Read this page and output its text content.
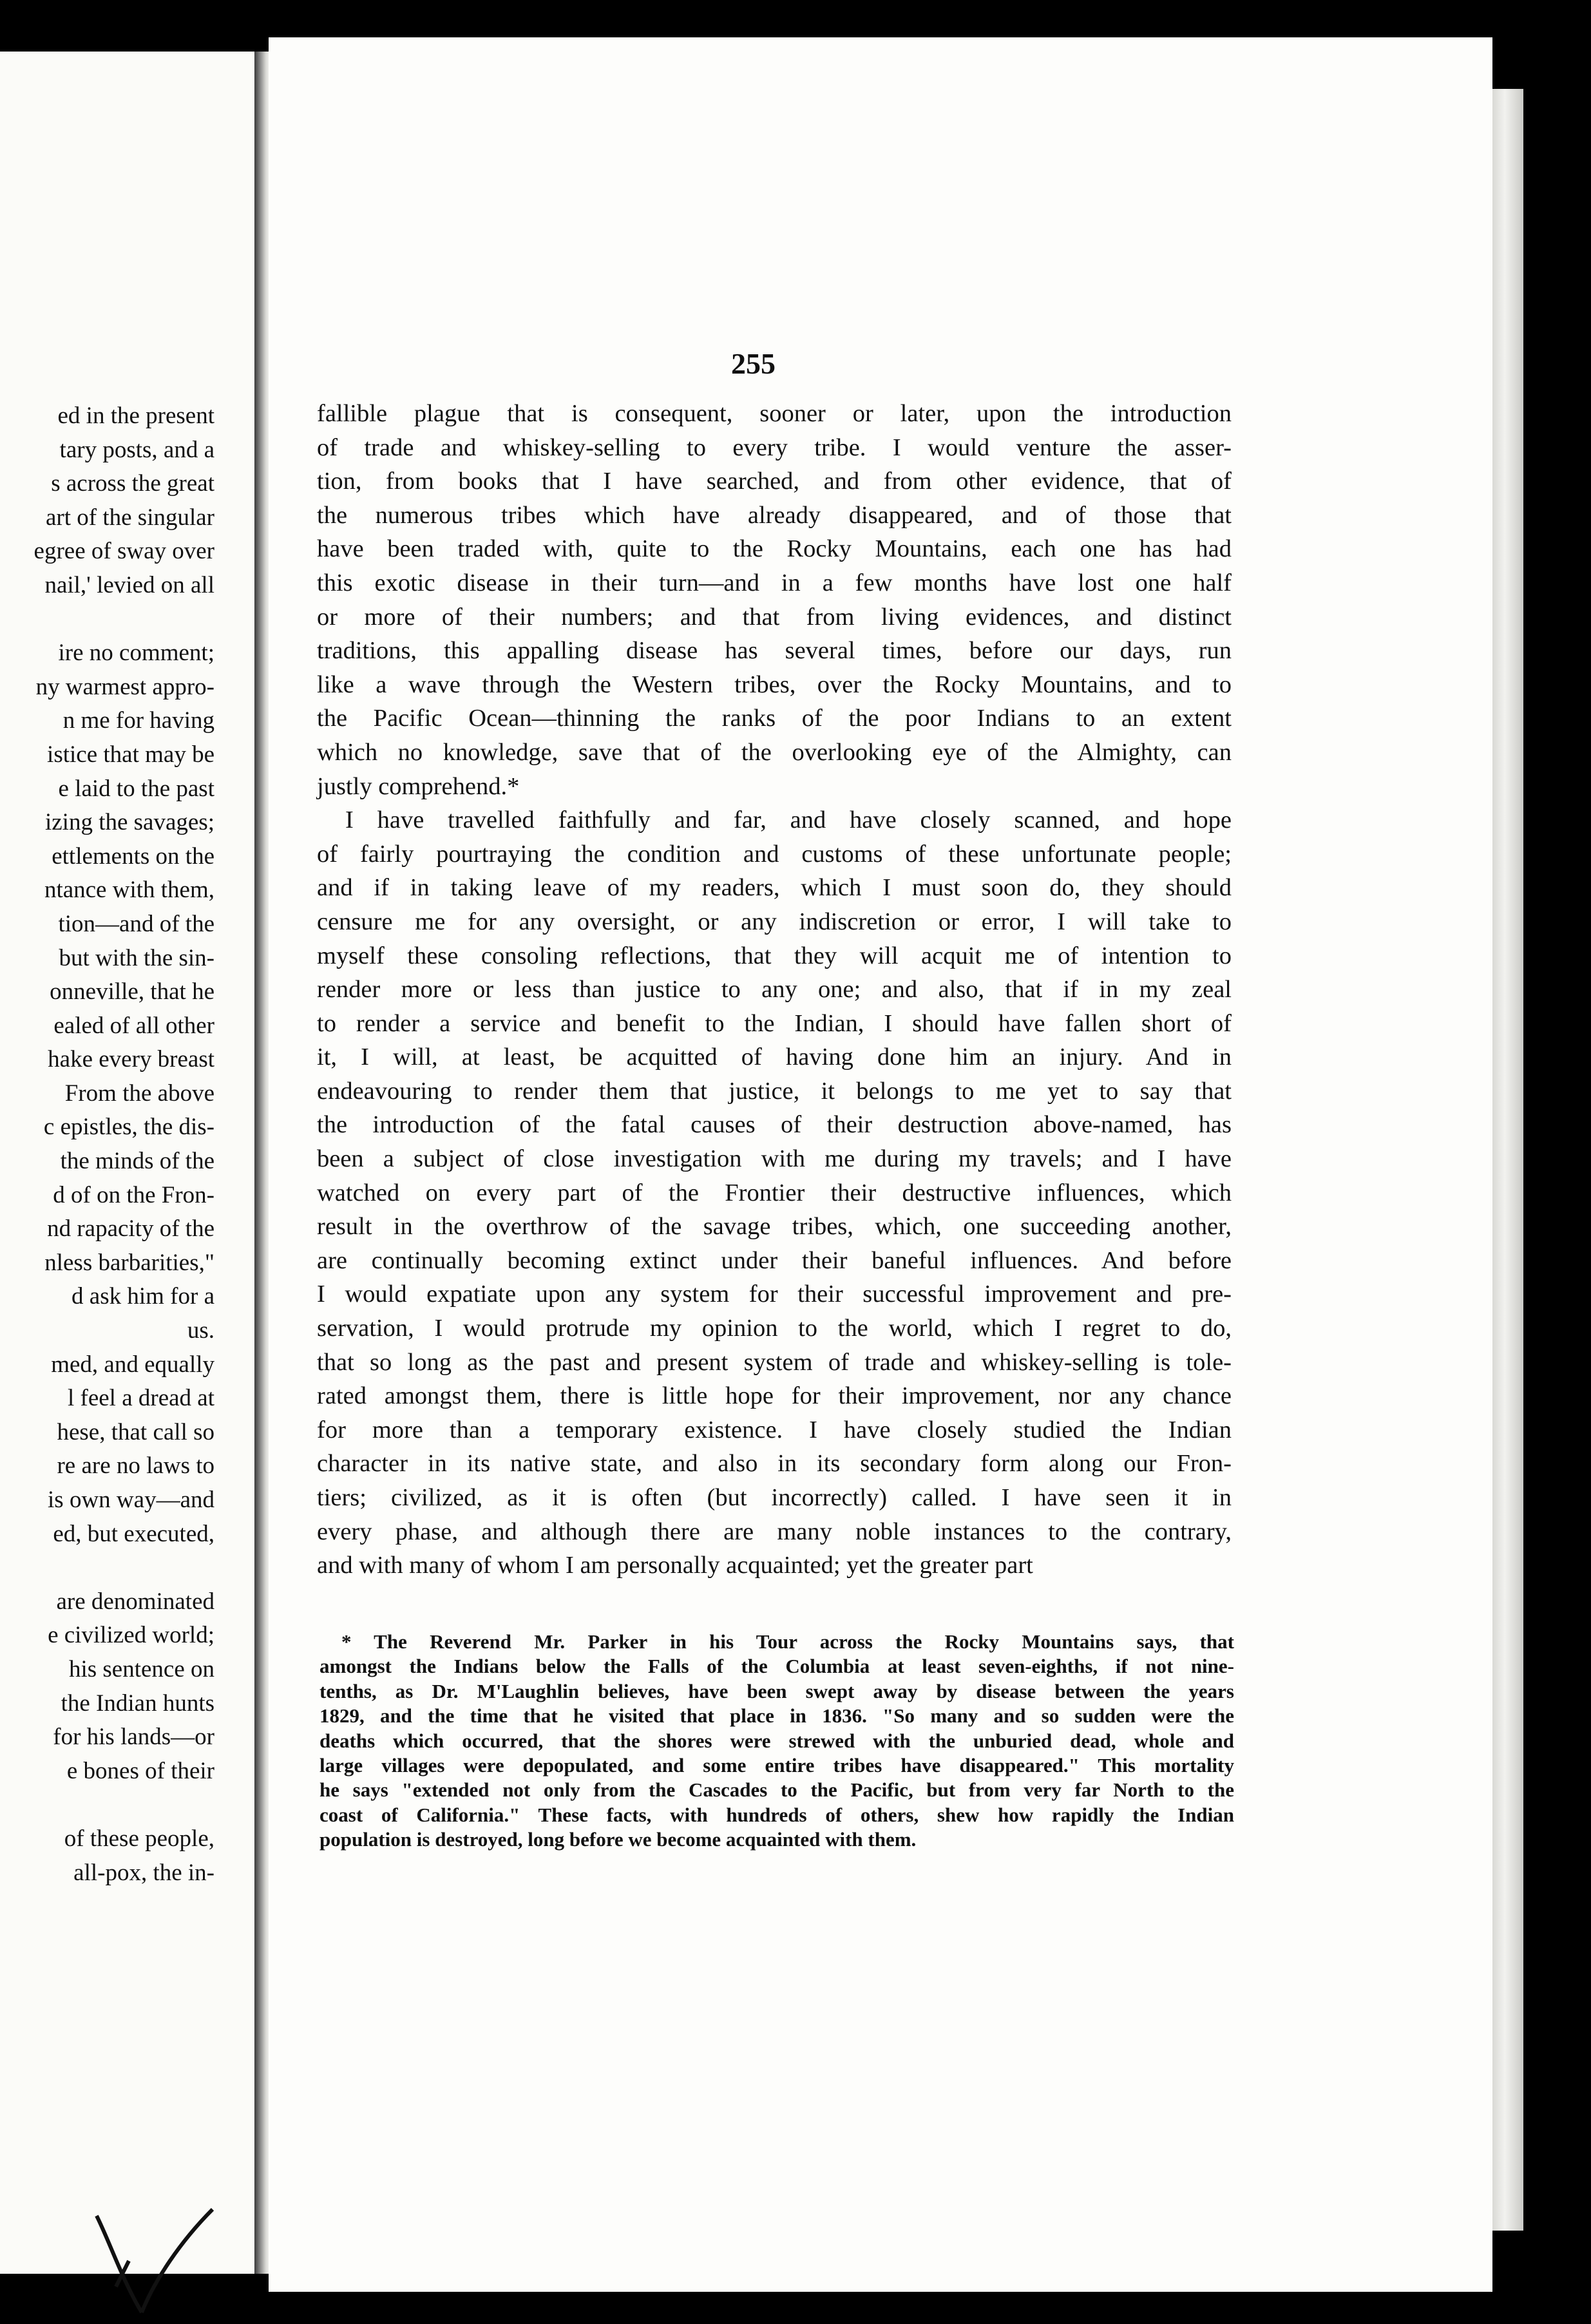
ed in the present
tary posts, and a
s across the great
art of the singular
egree of sway over
nail,' levied on all
ire no comment;
ny warmest appro-
n me for having
istice that may be
e laid to the past
izing the savages;
ettlements on the
ntance with them,
tion—and of the
but with the sin-
onneville, that he
ealed of all other
hake every breast
From the above
c epistles, the dis-
the minds of the
d of on the Fron-
nd rapacity of the
nless barbarities,"
d ask him for a
us.
med, and equally
l feel a dread at
hese, that call so
re are no laws to
is own way—and
ed, but executed,
are denominated
e civilized world;
his sentence on
the Indian hunts
for his lands—or
e bones of their
of these people,
all-pox, the in-
255
fallible plague that is consequent, sooner or later, upon the introduction
of trade and whiskey-selling to every tribe. I would venture the asser-
tion, from books that I have searched, and from other evidence, that of
the numerous tribes which have already disappeared, and of those that
have been traded with, quite to the Rocky Mountains, each one has had
this exotic disease in their turn—and in a few months have lost one half
or more of their numbers; and that from living evidences, and distinct
traditions, this appalling disease has several times, before our days, run
like a wave through the Western tribes, over the Rocky Mountains, and to
the Pacific Ocean—thinning the ranks of the poor Indians to an extent
which no knowledge, save that of the overlooking eye of the Almighty, can
justly comprehend.*
I have travelled faithfully and far, and have closely scanned, and hope
of fairly pourtraying the condition and customs of these unfortunate people;
and if in taking leave of my readers, which I must soon do, they should
censure me for any oversight, or any indiscretion or error, I will take to
myself these consoling reflections, that they will acquit me of intention to
render more or less than justice to any one; and also, that if in my zeal
to render a service and benefit to the Indian, I should have fallen short of
it, I will, at least, be acquitted of having done him an injury. And in
endeavouring to render them that justice, it belongs to me yet to say that
the introduction of the fatal causes of their destruction above-named, has
been a subject of close investigation with me during my travels; and I have
watched on every part of the Frontier their destructive influences, which
result in the overthrow of the savage tribes, which, one succeeding another,
are continually becoming extinct under their baneful influences. And before
I would expatiate upon any system for their successful improvement and pre-
servation, I would protrude my opinion to the world, which I regret to do,
that so long as the past and present system of trade and whiskey-selling is tole-
rated amongst them, there is little hope for their improvement, nor any chance
for more than a temporary existence. I have closely studied the Indian
character in its native state, and also in its secondary form along our Fron-
tiers; civilized, as it is often (but incorrectly) called. I have seen it in
every phase, and although there are many noble instances to the contrary,
and with many of whom I am personally acquainted; yet the greater part
* The Reverend Mr. Parker in his Tour across the Rocky Mountains says, that
amongst the Indians below the Falls of the Columbia at least seven-eighths, if not nine-
tenths, as Dr. M'Laughlin believes, have been swept away by disease between the years
1829, and the time that he visited that place in 1836. "So many and so sudden were the
deaths which occurred, that the shores were strewed with the unburied dead, whole and
large villages were depopulated, and some entire tribes have disappeared." This mortality
he says "extended not only from the Cascades to the Pacific, but from very far North to the
coast of California." These facts, with hundreds of others, shew how rapidly the Indian
population is destroyed, long before we become acquainted with them.
